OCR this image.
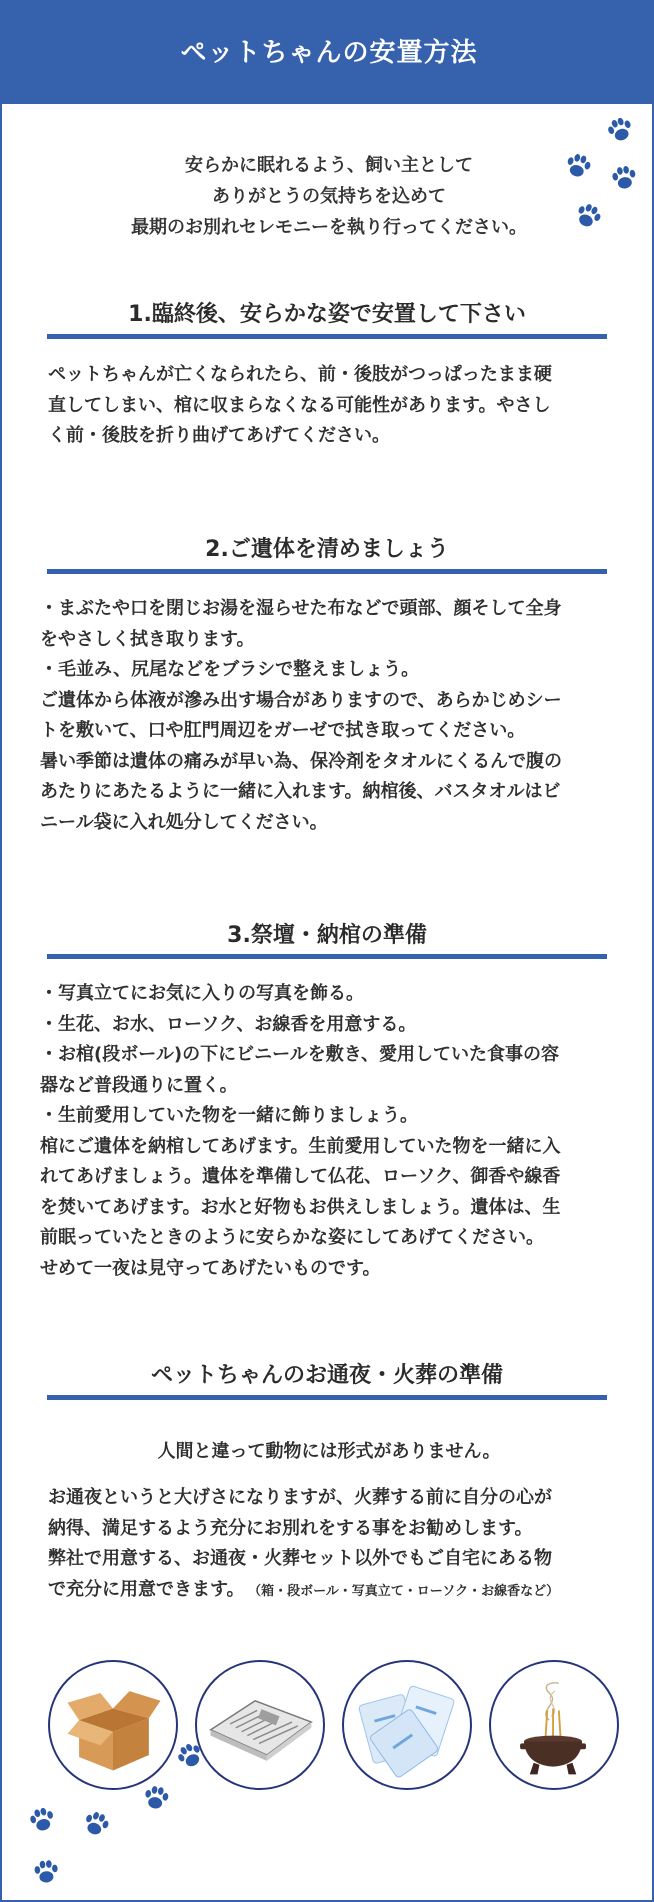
ペットちゃんの安置方法
安らかに眠れるよう、飼い主として
ありがとうの気持ちを込めて
最期のお別れセレモニーを執り行ってください。
1.臨終後、安らかな姿で安置して下さい
ペットちゃんが亡くなられたら、前・後肢がつっぱったまま硬
直してしまい、棺に収まらなくなる可能性があります。やさし
く前・後肢を折り曲げてあげてください。
2.ご遺体を清めましょう
・まぶたや口を閉じお湯を湿らせた布などで頭部、顔そして全身
をやさしく拭き取ります。
・毛並み、尻尾などをブラシで整えましょう。
ご遺体から体液が滲み出す場合がありますので、あらかじめシー
トを敷いて、口や肛門周辺をガーゼで拭き取ってください。
暑い季節は遺体の痛みが早い為、保冷剤をタオルにくるんで腹の
あたりにあたるように一緒に入れます。納棺後、バスタオルはビ
ニール袋に入れ処分してください。
3.祭壇・納棺の準備
・写真立てにお気に入りの写真を飾る。
・生花、お水、ローソク、お線香を用意する。
・お棺(段ボール)の下にビニールを敷き、愛用していた食事の容
器など普段通りに置く。
・生前愛用していた物を一緒に飾りましょう。
棺にご遺体を納棺してあげます。生前愛用していた物を一緒に入
れてあげましょう。遺体を準備して仏花、ローソク、御香や線香
を焚いてあげます。お水と好物もお供えしましょう。遺体は、生
前眠っていたときのように安らかな姿にしてあげてください。
せめて一夜は見守ってあげたいものです。
ペットちゃんのお通夜・火葬の準備
人間と違って動物には形式がありません。
お通夜というと大げさになりますが、火葬する前に自分の心が
納得、満足するよう充分にお別れをする事をお勧めします。
弊社で用意する、お通夜・火葬セット以外でもご自宅にある物
で充分に用意できます。 （箱・段ボール・写真立て・ローソク・お線香など）
